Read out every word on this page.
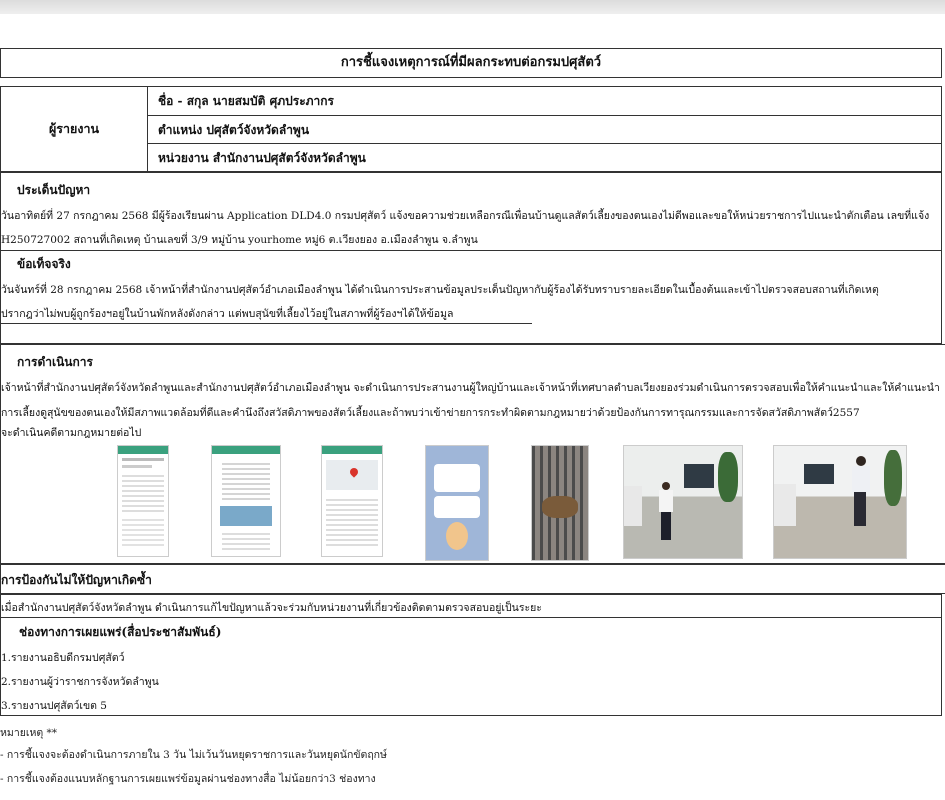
การชี้แจงเหตุการณ์ที่มีผลกระทบต่อกรมปศุสัตว์
ผู้รายงาน
ชื่อ - สกุล นายสมบัติ ศุภประภากร
ตำแหน่ง ปศุสัตว์จังหวัดลำพูน
หน่วยงาน สำนักงานปศุสัตว์จังหวัดลำพูน
ประเด็นปัญหา
วันอาทิตย์ที่ 27 กรกฎาคม 2568 มีผู้ร้องเรียนผ่าน Application DLD4.0 กรมปศุสัตว์ แจ้งขอความช่วยเหลือกรณีเพื่อนบ้านดูแลสัตว์เลี้ยงของตนเองไม่ดีพอและขอให้หน่วยราชการไปแนะนำตักเตือน เลขที่แจ้ง
H250727002 สถานที่เกิดเหตุ บ้านเลขที่ 3/9 หมู่บ้าน yourhome หมู่6 ต.เวียงยอง อ.เมืองลำพูน จ.ลำพูน
ข้อเท็จจริง
วันจันทร์ที่ 28 กรกฎาคม 2568 เจ้าหน้าที่สำนักงานปศุสัตว์อำเภอเมืองลำพูน ได้ดำเนินการประสานข้อมูลประเด็นปัญหากับผู้ร้องได้รับทราบรายละเอียดในเบื้องต้นและเข้าไปตรวจสอบสถานที่เกิดเหตุ
ปรากฎว่าไม่พบผู้ถูกร้องฯอยู่ในบ้านพักหลังดังกล่าว แต่พบสุนัขที่เลี้ยงไว้อยู่ในสภาพที่ผู้ร้องฯได้ให้ข้อมูล
การดำเนินการ
เจ้าหน้าที่สำนักงานปศุสัตว์จังหวัดลำพูนและสำนักงานปศุสัตว์อำเภอเมืองลำพูน จะดำเนินการประสานงานผู้ใหญ่บ้านและเจ้าหน้าที่เทศบาลตำบลเวียงยองร่วมดำเนินการตรวจสอบเพื่อให้คำแนะนำและให้คำแนะนำ
การเลี้ยงดูสุนัขของตนเองให้มีสภาพแวดล้อมที่ดีและคำนึงถึงสวัสดิภาพของสัตว์เลี้ยงและถ้าพบว่าเข้าข่ายการกระทำผิดตามกฎหมายว่าด้วยป้องกันการทารุณกรรมและการจัดสวัสดิภาพสัตว์2557
จะดำเนินคดีตามกฎหมายต่อไป
การป้องกันไม่ให้ปัญหาเกิดซ้ำ
เมื่อสำนักงานปศุสัตว์จังหวัดลำพูน ดำเนินการแก้ไขปัญหาแล้วจะร่วมกับหน่วยงานที่เกี่ยวข้องติดตามตรวจสอบอยู่เป็นระยะ
ช่องทางการเผยแพร่(สื่อประชาสัมพันธ์)
1.รายงานอธิบดีกรมปศุสัตว์
2.รายงานผู้ว่าราชการจังหวัดลำพูน
3.รายงานปศุสัตว์เขต 5
หมายเหตุ **
- การชี้แจงจะต้องดำเนินการภายใน 3 วัน ไม่เว้นวันหยุดราชการและวันหยุดนักขัตฤกษ์
- การชี้แจงต้องแนบหลักฐานการเผยแพร่ข้อมูลผ่านช่องทางสื่อ ไม่น้อยกว่า3 ช่องทาง
